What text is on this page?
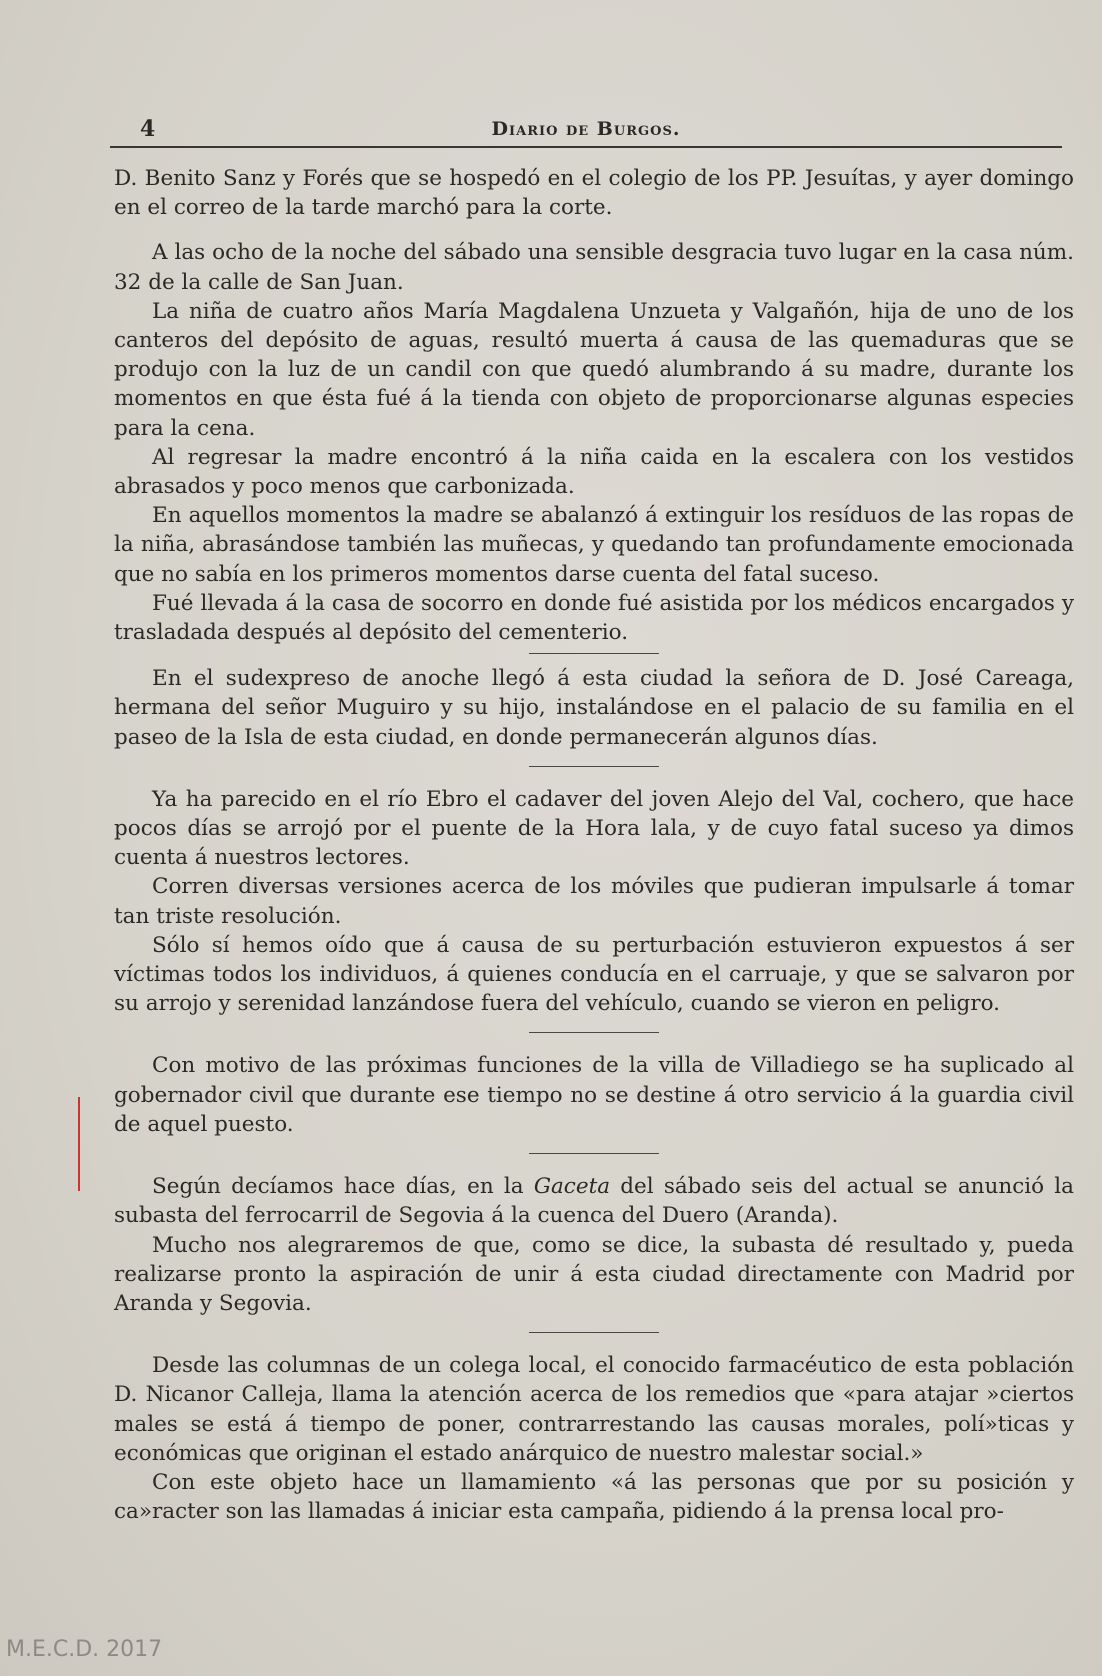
4	Diario de Burgos.

D. Benito Sanz y Forés que se hospedó en el colegio de los PP. Jesuítas, y ayer domingo en el correo de la tarde marchó para la corte.

A las ocho de la noche del sábado una sensible desgracia tuvo lugar en la casa núm. 32 de la calle de San Juan.

La niña de cuatro años María Magdalena Unzueta y Valgañón, hija de uno de los canteros del depósito de aguas, resultó muerta á causa de las quemaduras que se produjo con la luz de un candil con que quedó alumbrando á su madre, durante los momentos en que ésta fué á la tienda con objeto de proporcionarse algunas especies para la cena.

Al regresar la madre encontró á la niña caida en la escalera con los vestidos abrasados y poco menos que carbonizada.

En aquellos momentos la madre se abalanzó á extinguir los resíduos de las ropas de la niña, abrasándose también las muñecas, y quedando tan profundamente emocionada que no sabía en los primeros momentos darse cuenta del fatal suceso.

Fué llevada á la casa de socorro en donde fué asistida por los médicos encargados y trasladada después al depósito del cementerio.

En el sudexpreso de anoche llegó á esta ciudad la señora de D. José Careaga, hermana del señor Muguiro y su hijo, instalándose en el palacio de su familia en el paseo de la Isla de esta ciudad, en donde permanecerán algunos días.

Ya ha parecido en el río Ebro el cadaver del joven Alejo del Val, cochero, que hace pocos días se arrojó por el puente de la Hora lala, y de cuyo fatal suceso ya dimos cuenta á nuestros lectores.

Corren diversas versiones acerca de los móviles que pudieran impulsarle á tomar tan triste resolución.

Sólo sí hemos oído que á causa de su perturbación estuvieron expuestos á ser víctimas todos los individuos, á quienes conducía en el carruaje, y que se salvaron por su arrojo y serenidad lanzándose fuera del vehículo, cuando se vieron en peligro.

Con motivo de las próximas funciones de la villa de Villadiego se ha suplicado al gobernador civil que durante ese tiempo no se destine á otro servicio á la guardia civil de aquel puesto.

Según decíamos hace días, en la Gaceta del sábado seis del actual se anunció la subasta del ferrocarril de Segovia á la cuenca del Duero (Aranda).

Mucho nos alegraremos de que, como se dice, la subasta dé resultado y, pueda realizarse pronto la aspiración de unir á esta ciudad directamente con Madrid por Aranda y Segovia.

Desde las columnas de un colega local, el conocido farmacéutico de esta población D. Nicanor Calleja, llama la atención acerca de los remedios que «para atajar »ciertos males se está á tiempo de poner, contrarrestando las causas morales, polí»ticas y económicas que originan el estado anárquico de nuestro malestar social.»

Con este objeto hace un llamamiento «á las personas que por su posición y ca»racter son las llamadas á iniciar esta campaña, pidiendo á la prensa local pro-

M.E.C.D. 2017
